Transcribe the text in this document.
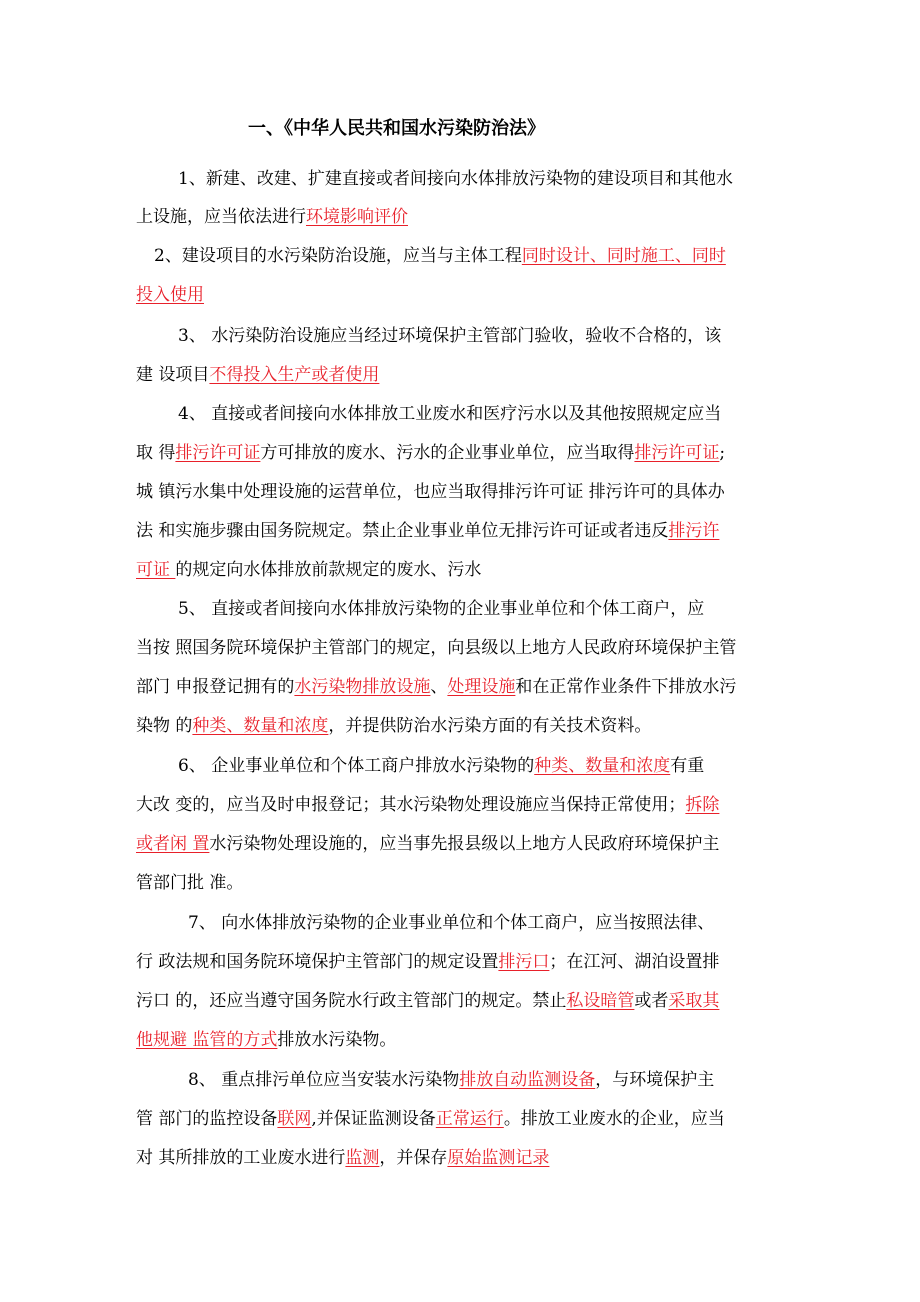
一、《中华人民共和国水污染防治法》
1、新建、改建、扩建直接或者间接向水体排放污染物的建设项目和其他水
上设施，应当依法进行环境影响评价
2、建设项目的水污染防治设施，应当与主体工程同时设计、同时施工、同时
投入使用
3、 水污染防治设施应当经过环境保护主管部门验收，验收不合格的，该
建 设项目不得投入生产或者使用
4、 直接或者间接向水体排放工业废水和医疗污水以及其他按照规定应当
取 得排污许可证方可排放的废水、污水的企业事业单位，应当取得排污许可证;
城 镇污水集中处理设施的运营单位，也应当取得排污许可证 排污许可的具体办
法 和实施步骤由国务院规定。禁止企业事业单位无排污许可证或者违反排污许
可证 的规定向水体排放前款规定的废水、污水
5、 直接或者间接向水体排放污染物的企业事业单位和个体工商户，应
当按 照国务院环境保护主管部门的规定，向县级以上地方人民政府环境保护主管
部门 申报登记拥有的水污染物排放设施、处理设施和在正常作业条件下排放水污
染物 的种类、数量和浓度，并提供防治水污染方面的有关技术资料。
6、 企业事业单位和个体工商户排放水污染物的种类、数量和浓度有重
大改 变的，应当及时申报登记；其水污染物处理设施应当保持正常使用；拆除
或者闲 置水污染物处理设施的，应当事先报县级以上地方人民政府环境保护主
管部门批 准。
7、 向水体排放污染物的企业事业单位和个体工商户，应当按照法律、
行 政法规和国务院环境保护主管部门的规定设置排污口；在江河、湖泊设置排
污口 的，还应当遵守国务院水行政主管部门的规定。禁止私设暗管或者采取其
他规避 监管的方式排放水污染物。
8、 重点排污单位应当安装水污染物排放自动监测设备，与环境保护主
管 部门的监控设备联网,并保证监测设备正常运行。排放工业废水的企业，应当
对 其所排放的工业废水进行监测，并保存原始监测记录
